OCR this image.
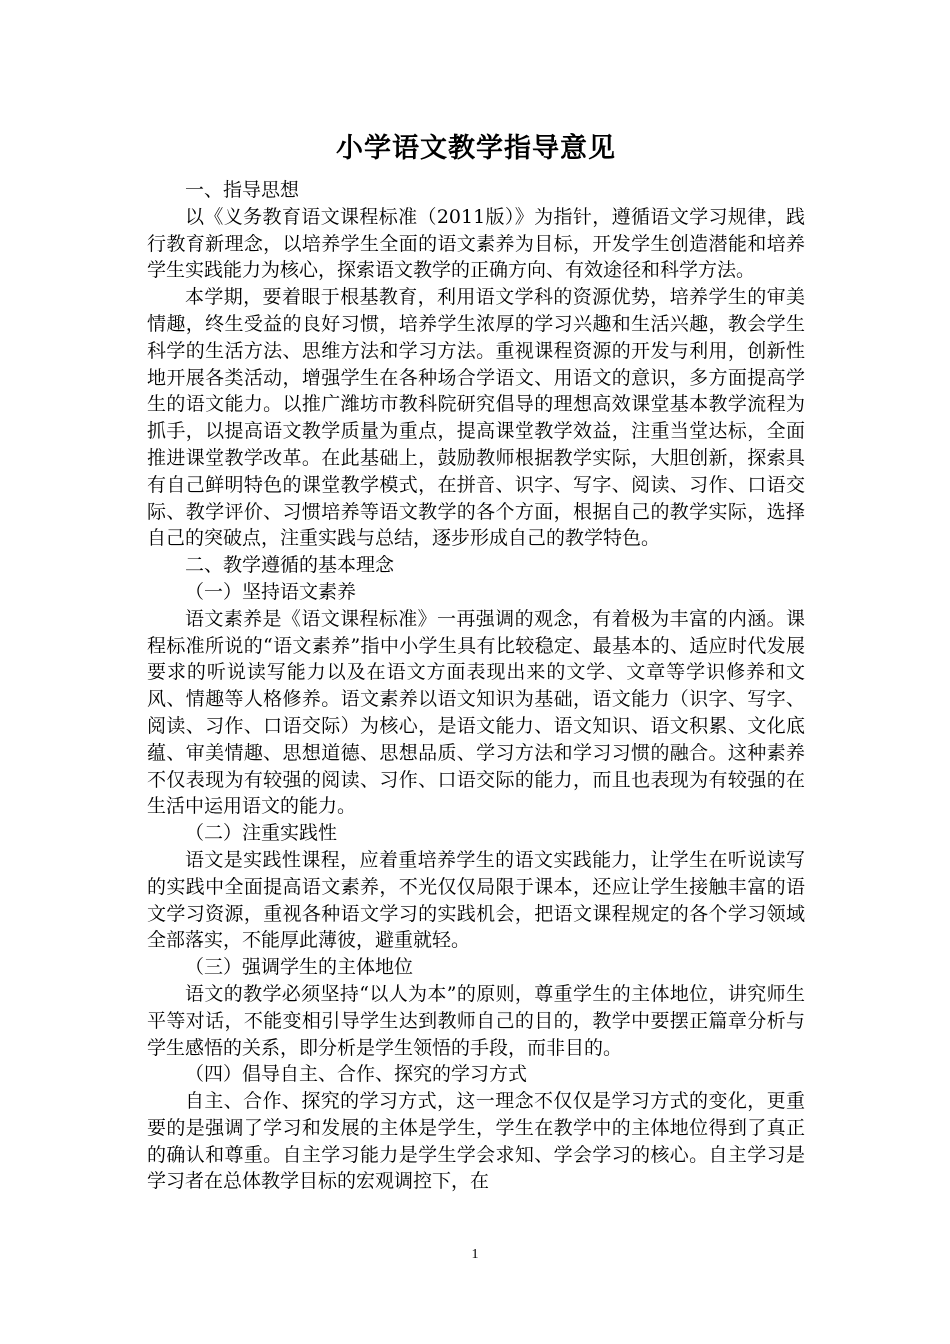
小学语文教学指导意见

一、指导思想

以《义务教育语文课程标准（2011版）》为指针，遵循语文学习规律，践行教育新理念，以培养学生全面的语文素养为目标，开发学生创造潜能和培养学生实践能力为核心，探索语文教学的正确方向、有效途径和科学方法。

本学期，要着眼于根基教育，利用语文学科的资源优势，培养学生的审美情趣，终生受益的良好习惯，培养学生浓厚的学习兴趣和生活兴趣，教会学生科学的生活方法、思维方法和学习方法。重视课程资源的开发与利用，创新性地开展各类活动，增强学生在各种场合学语文、用语文的意识，多方面提高学生的语文能力。以推广潍坊市教科院研究倡导的理想高效课堂基本教学流程为抓手，以提高语文教学质量为重点，提高课堂教学效益，注重当堂达标，全面推进课堂教学改革。在此基础上，鼓励教师根据教学实际，大胆创新，探索具有自己鲜明特色的课堂教学模式，在拼音、识字、写字、阅读、习作、口语交际、教学评价、习惯培养等语文教学的各个方面，根据自己的教学实际，选择自己的突破点，注重实践与总结，逐步形成自己的教学特色。

二、教学遵循的基本理念

（一）坚持语文素养

语文素养是《语文课程标准》一再强调的观念，有着极为丰富的内涵。课程标准所说的“语文素养”指中小学生具有比较稳定、最基本的、适应时代发展要求的听说读写能力以及在语文方面表现出来的文学、文章等学识修养和文风、情趣等人格修养。语文素养以语文知识为基础，语文能力（识字、写字、阅读、习作、口语交际）为核心，是语文能力、语文知识、语文积累、文化底蕴、审美情趣、思想道德、思想品质、学习方法和学习习惯的融合。这种素养不仅表现为有较强的阅读、习作、口语交际的能力，而且也表现为有较强的在生活中运用语文的能力。

（二）注重实践性

语文是实践性课程，应着重培养学生的语文实践能力，让学生在听说读写的实践中全面提高语文素养，不光仅仅局限于课本，还应让学生接触丰富的语文学习资源，重视各种语文学习的实践机会，把语文课程规定的各个学习领域全部落实，不能厚此薄彼，避重就轻。

（三）强调学生的主体地位

语文的教学必须坚持“以人为本”的原则，尊重学生的主体地位，讲究师生平等对话，不能变相引导学生达到教师自己的目的，教学中要摆正篇章分析与学生感悟的关系，即分析是学生领悟的手段，而非目的。

（四）倡导自主、合作、探究的学习方式

自主、合作、探究的学习方式，这一理念不仅仅是学习方式的变化，更重要的是强调了学习和发展的主体是学生，学生在教学中的主体地位得到了真正的确认和尊重。自主学习能力是学生学会求知、学会学习的核心。自主学习是学习者在总体教学目标的宏观调控下，在

1
